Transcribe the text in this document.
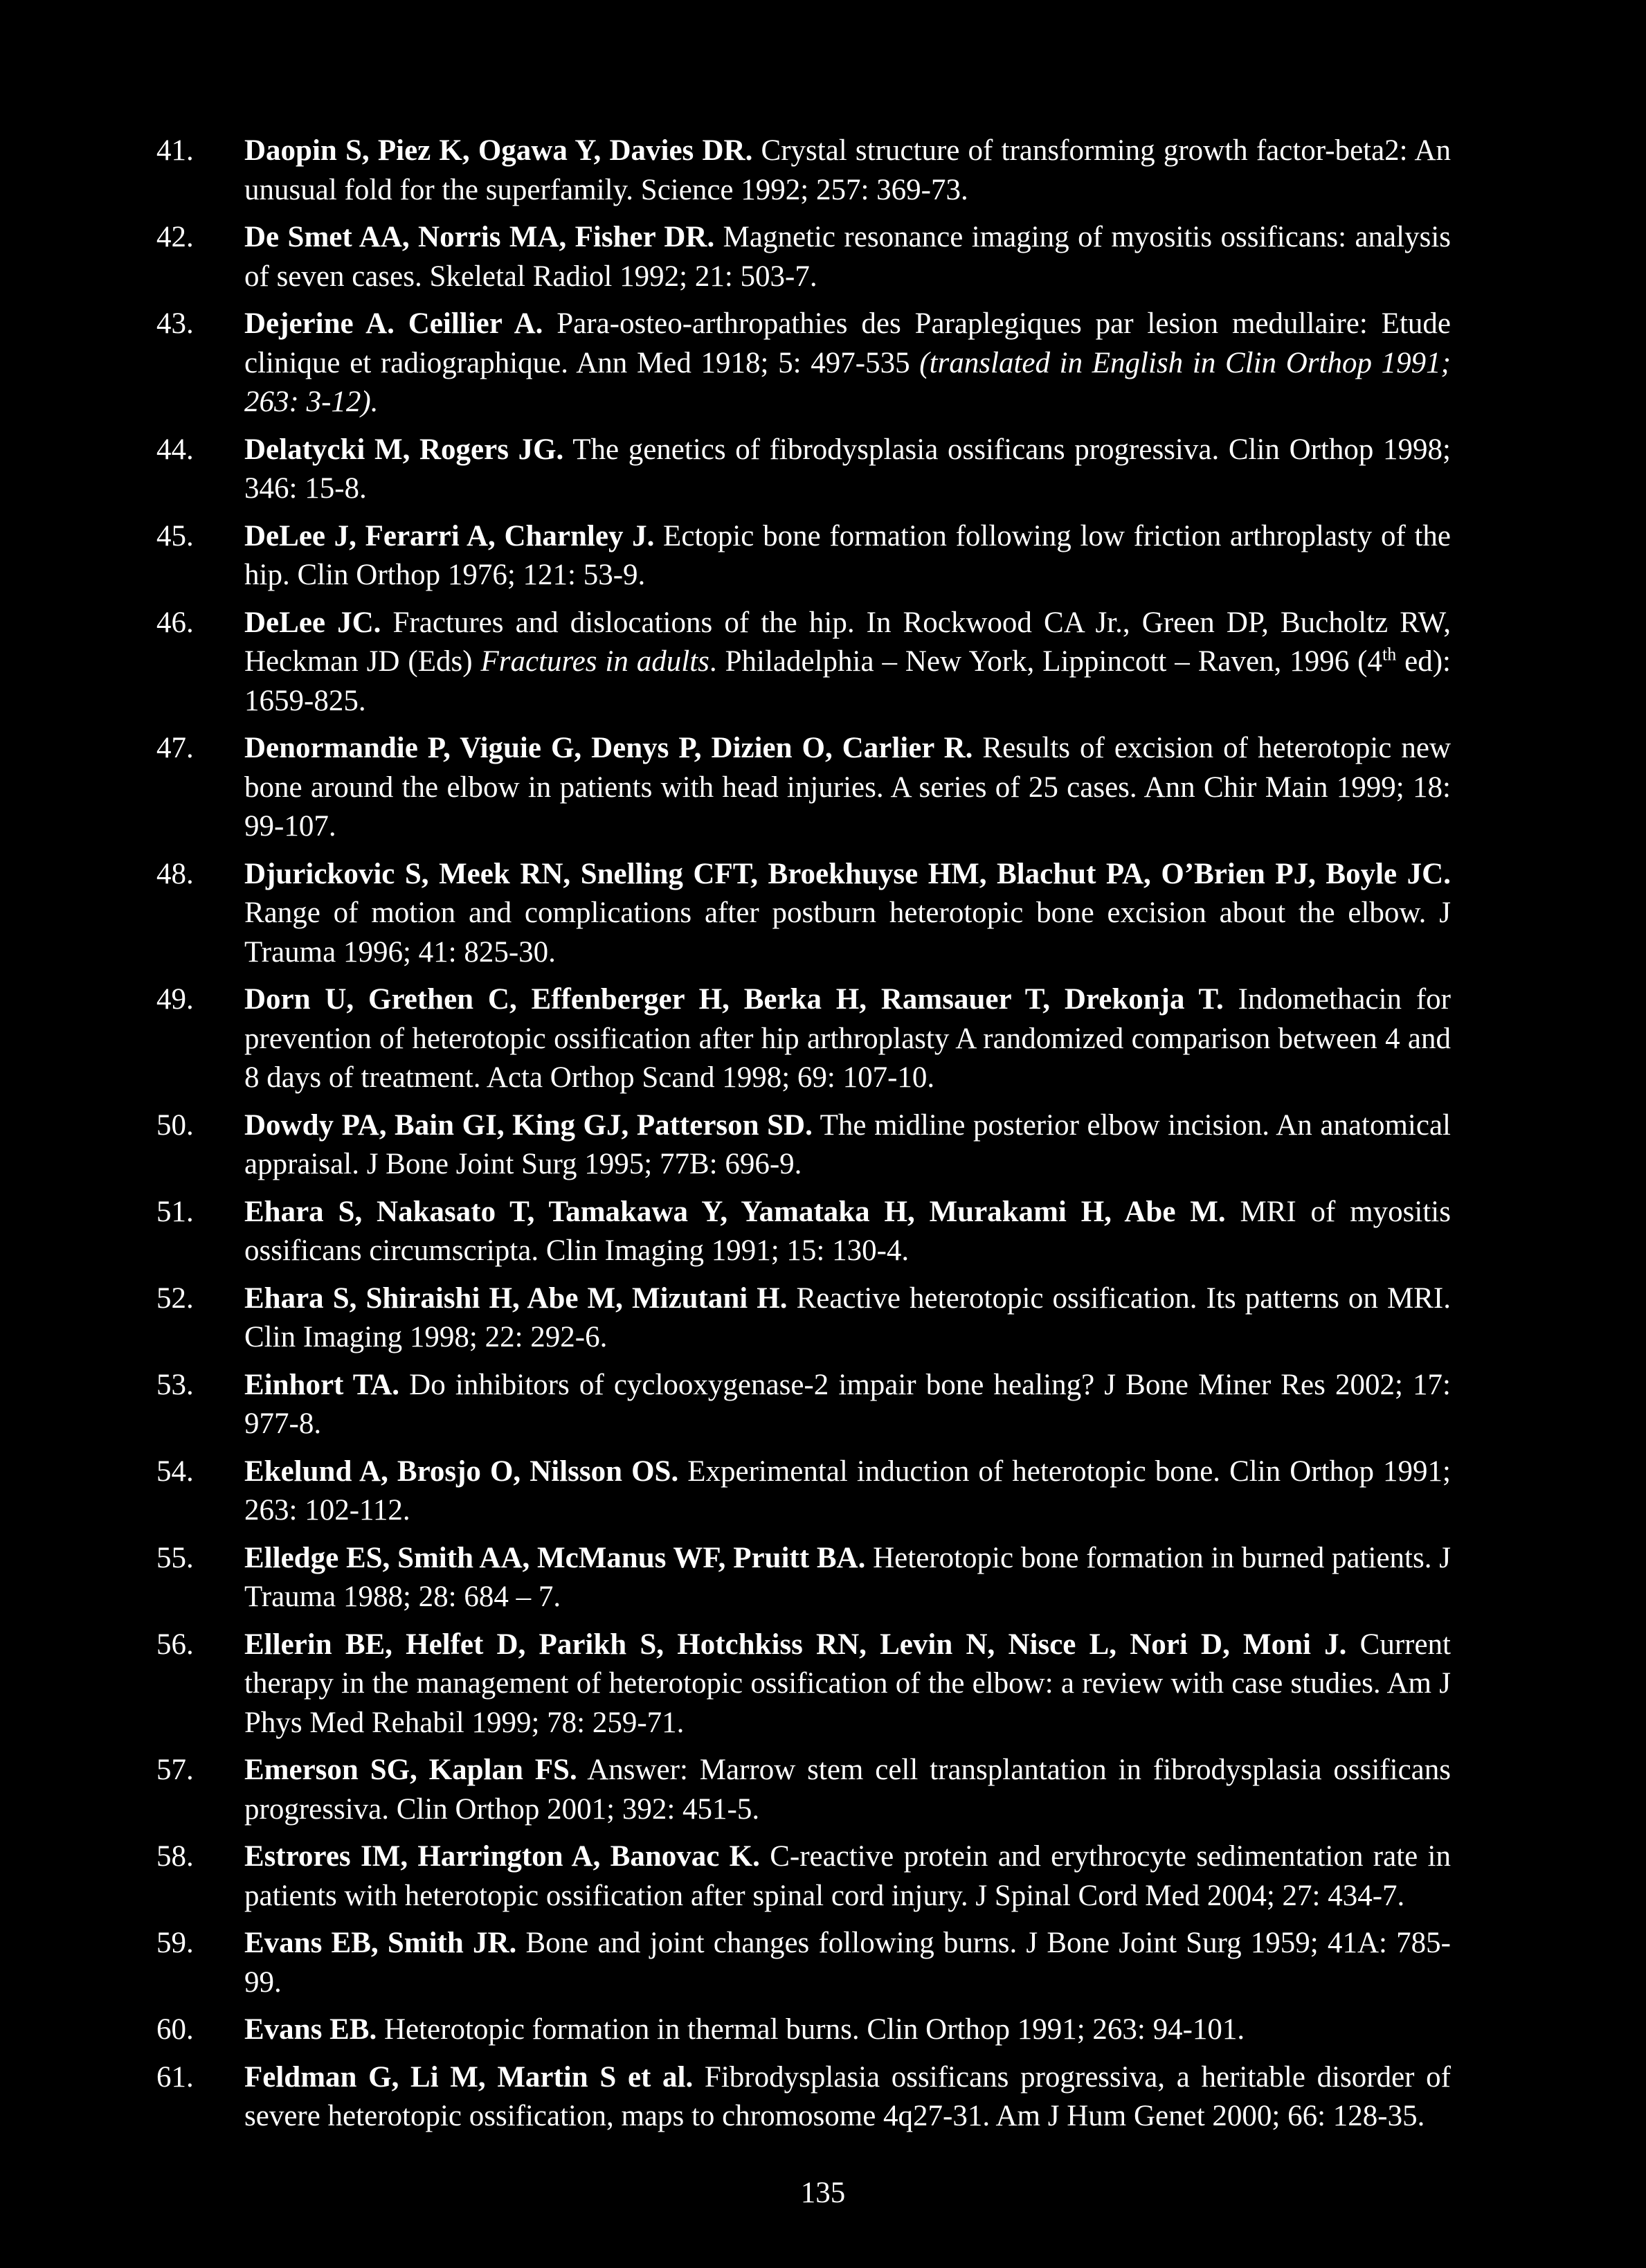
41.	Daopin S, Piez K, Ogawa Y, Davies DR. Crystal structure of transforming growth factor-beta2: An unusual fold for the superfamily. Science 1992; 257: 369-73.
42.	De Smet AA, Norris MA, Fisher DR. Magnetic resonance imaging of myositis ossificans: analysis of seven cases. Skeletal Radiol 1992; 21: 503-7.
43.	Dejerine A. Ceillier A. Para-osteo-arthropathies des Paraplegiques par lesion medullaire: Etude clinique et radiographique. Ann Med 1918; 5: 497-535 (translated in English in Clin Orthop 1991; 263: 3-12).
44.	Delatycki M, Rogers JG. The genetics of fibrodysplasia ossificans progressiva. Clin Orthop 1998; 346: 15-8.
45.	DeLee J, Ferarri A, Charnley J. Ectopic bone formation following low friction arthroplasty of the hip. Clin Orthop 1976; 121: 53-9.
46.	DeLee JC. Fractures and dislocations of the hip. In Rockwood CA Jr., Green DP, Bucholtz RW, Heckman JD (Eds) Fractures in adults. Philadelphia – New York, Lippincott – Raven, 1996 (4th ed): 1659-825.
47.	Denormandie P, Viguie G, Denys P, Dizien O, Carlier R. Results of excision of heterotopic new bone around the elbow in patients with head injuries. A series of 25 cases. Ann Chir Main 1999; 18: 99-107.
48.	Djurickovic S, Meek RN, Snelling CFT, Broekhuyse HM, Blachut PA, O’Brien PJ, Boyle JC. Range of motion and complications after postburn heterotopic bone excision about the elbow. J Trauma 1996; 41: 825-30.
49.	Dorn U, Grethen C, Effenberger H, Berka H, Ramsauer T, Drekonja T. Indomethacin for prevention of heterotopic ossification after hip arthroplasty A randomized comparison between 4 and 8 days of treatment. Acta Orthop Scand 1998; 69: 107-10.
50.	Dowdy PA, Bain GI, King GJ, Patterson SD. The midline posterior elbow incision. An anatomical appraisal. J Bone Joint Surg 1995; 77B: 696-9.
51.	Ehara S, Nakasato T, Tamakawa Y, Yamataka H, Murakami H, Abe M. MRI of myositis ossificans circumscripta. Clin Imaging 1991; 15: 130-4.
52.	Ehara S, Shiraishi H, Abe M, Mizutani H. Reactive heterotopic ossification. Its patterns on MRI. Clin Imaging 1998; 22: 292-6.
53.	Einhort TA. Do inhibitors of cyclooxygenase-2 impair bone healing? J Bone Miner Res 2002; 17: 977-8.
54.	Ekelund A, Brosjo O, Nilsson OS. Experimental induction of heterotopic bone. Clin Orthop 1991; 263: 102-112.
55.	Elledge ES, Smith AA, McManus WF, Pruitt BA. Heterotopic bone formation in burned patients. J Trauma 1988; 28: 684 – 7.
56.	Ellerin BE, Helfet D, Parikh S, Hotchkiss RN, Levin N, Nisce L, Nori D, Moni J. Current therapy in the management of heterotopic ossification of the elbow: a review with case studies. Am J Phys Med Rehabil 1999; 78: 259-71.
57.	Emerson SG, Kaplan FS. Answer: Marrow stem cell transplantation in fibrodysplasia ossificans progressiva. Clin Orthop 2001; 392: 451-5.
58.	Estrores IM, Harrington A, Banovac K. C-reactive protein and erythrocyte sedimentation rate in patients with heterotopic ossification after spinal cord injury. J Spinal Cord Med 2004; 27: 434-7.
59.	Evans EB, Smith JR. Bone and joint changes following burns. J Bone Joint Surg 1959; 41A: 785-99.
60.	Evans EB. Heterotopic formation in thermal burns. Clin Orthop 1991; 263: 94-101.
61.	Feldman G, Li M, Martin S et al. Fibrodysplasia ossificans progressiva, a heritable disorder of severe heterotopic ossification, maps to chromosome 4q27-31. Am J Hum Genet 2000; 66: 128-35.
135
